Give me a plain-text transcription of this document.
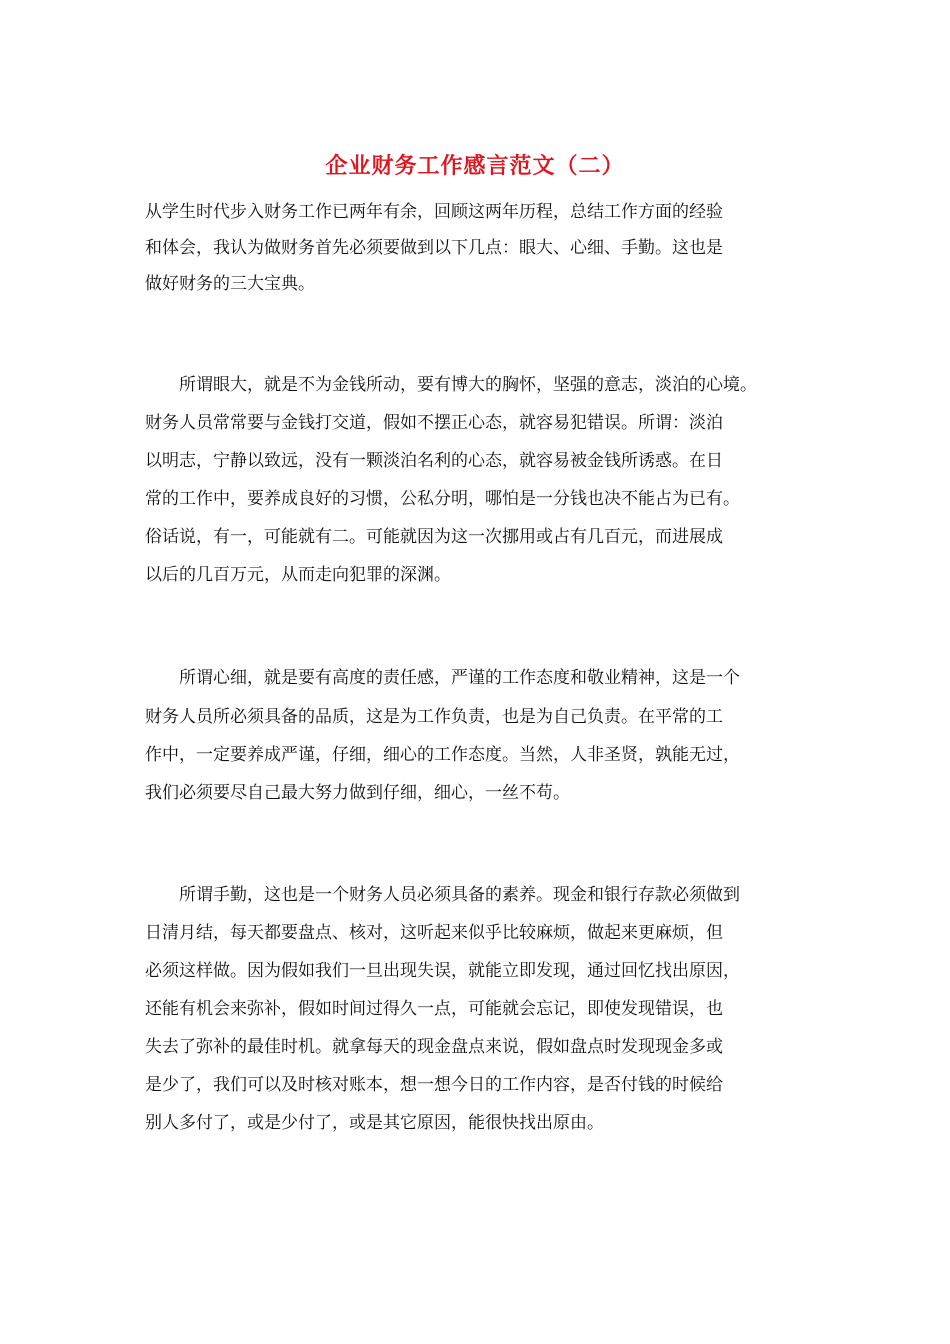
企业财务工作感言范文（二）
从学生时代步入财务工作已两年有余，回顾这两年历程，总结工作方面的经验
和体会，我认为做财务首先必须要做到以下几点：眼大、心细、手勤。这也是
做好财务的三大宝典。
　　所谓眼大，就是不为金钱所动，要有博大的胸怀，坚强的意志，淡泊的心境。
财务人员常常要与金钱打交道，假如不摆正心态，就容易犯错误。所谓：淡泊
以明志，宁静以致远，没有一颗淡泊名利的心态，就容易被金钱所诱惑。在日
常的工作中，要养成良好的习惯，公私分明，哪怕是一分钱也决不能占为已有。
俗话说，有一，可能就有二。可能就因为这一次挪用或占有几百元，而进展成
以后的几百万元，从而走向犯罪的深渊。
　　所谓心细，就是要有高度的责任感，严谨的工作态度和敬业精神，这是一个
财务人员所必须具备的品质，这是为工作负责，也是为自己负责。在平常的工
作中，一定要养成严谨，仔细，细心的工作态度。当然，人非圣贤，孰能无过，
我们必须要尽自己最大努力做到仔细，细心，一丝不苟。
　　所谓手勤，这也是一个财务人员必须具备的素养。现金和银行存款必须做到
日清月结，每天都要盘点、核对，这听起来似乎比较麻烦，做起来更麻烦，但
必须这样做。因为假如我们一旦出现失误，就能立即发现，通过回忆找出原因，
还能有机会来弥补，假如时间过得久一点，可能就会忘记，即使发现错误，也
失去了弥补的最佳时机。就拿每天的现金盘点来说，假如盘点时发现现金多或
是少了，我们可以及时核对账本，想一想今日的工作内容，是否付钱的时候给
别人多付了，或是少付了，或是其它原因，能很快找出原由。
